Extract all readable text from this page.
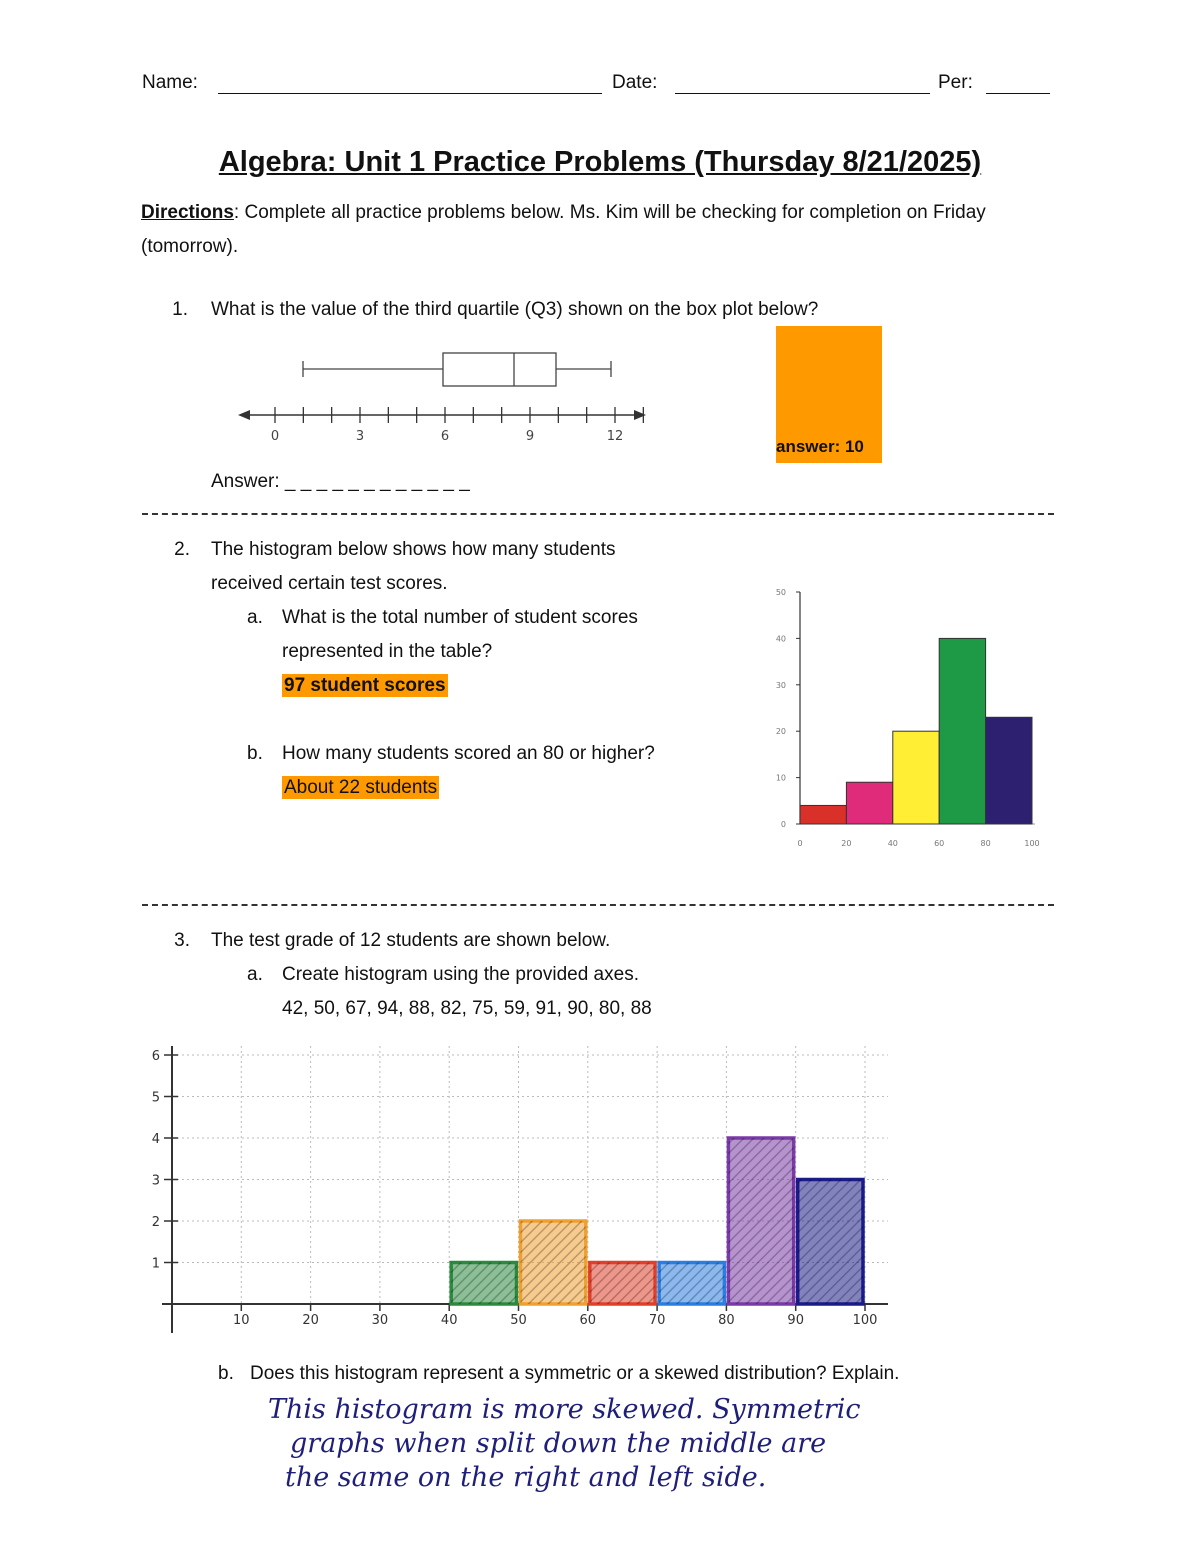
Name:	Date:	Per:
Algebra: Unit 1 Practice Problems (Thursday 8/21/2025)
Directions: Complete all practice problems below. Ms. Kim will be checking for completion on Friday (tomorrow).
1. What is the value of the third quartile (Q3) shown on the box plot below?
0	3	6	9	12
answer: 10
Answer: _ _ _ _ _ _ _ _ _ _ _ _
2. The histogram below shows how many students
received certain test scores.
a. What is the total number of student scores
represented in the table?
97 student scores
b. How many students scored an 80 or higher?
About 22 students
0
10
20
30
40
50
0	20	40	60	80	100
3. The test grade of 12 students are shown below.
a. Create histogram using the provided axes.
42, 50, 67, 94, 88, 82, 75, 59, 91, 90, 80, 88
1
2
3
4
5
6
10	20	30	40	50	60	70	80	90	100
b. Does this histogram represent a symmetric or a skewed distribution? Explain.
This histogram is more skewed. Symmetric
graphs when split down the middle are
the same on the right and left side.
